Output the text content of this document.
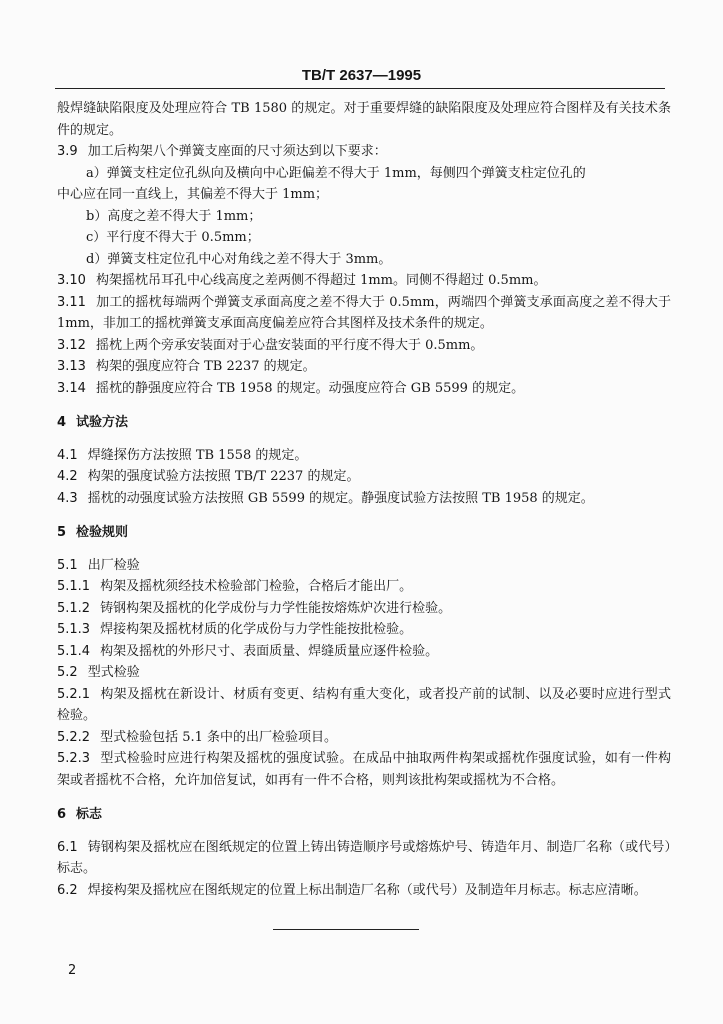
TB/T 2637—1995

般焊缝缺陷限度及处理应符合 TB 1580 的规定。对于重要焊缝的缺陷限度及处理应符合图样及有关技术条件的规定。

3.9 加工后构架八个弹簧支座面的尺寸须达到以下要求：

a）弹簧支柱定位孔纵向及横向中心距偏差不得大于 1mm，每侧四个弹簧支柱定位孔的

中心应在同一直线上，其偏差不得大于 1mm；

b）高度之差不得大于 1mm；

c）平行度不得大于 0.5mm；

d）弹簧支柱定位孔中心对角线之差不得大于 3mm。

3.10 构架摇枕吊耳孔中心线高度之差两侧不得超过 1mm。同侧不得超过 0.5mm。

3.11 加工的摇枕每端两个弹簧支承面高度之差不得大于 0.5mm，两端四个弹簧支承面高度之差不得大于 1mm，非加工的摇枕弹簧支承面高度偏差应符合其图样及技术条件的规定。

3.12 摇枕上两个旁承安装面对于心盘安装面的平行度不得大于 0.5mm。

3.13 构架的强度应符合 TB 2237 的规定。

3.14 摇枕的静强度应符合 TB 1958 的规定。动强度应符合 GB 5599 的规定。

4 试验方法

4.1 焊缝探伤方法按照 TB 1558 的规定。

4.2 构架的强度试验方法按照 TB/T 2237 的规定。

4.3 摇枕的动强度试验方法按照 GB 5599 的规定。静强度试验方法按照 TB 1958 的规定。

5 检验规则

5.1 出厂检验

5.1.1 构架及摇枕须经技术检验部门检验，合格后才能出厂。

5.1.2 铸钢构架及摇枕的化学成份与力学性能按熔炼炉次进行检验。

5.1.3 焊接构架及摇枕材质的化学成份与力学性能按批检验。

5.1.4 构架及摇枕的外形尺寸、表面质量、焊缝质量应逐件检验。

5.2 型式检验

5.2.1 构架及摇枕在新设计、材质有变更、结构有重大变化，或者投产前的试制、以及必要时应进行型式检验。

5.2.2 型式检验包括 5.1 条中的出厂检验项目。

5.2.3 型式检验时应进行构架及摇枕的强度试验。在成品中抽取两件构架或摇枕作强度试验，如有一件构架或者摇枕不合格，允许加倍复试，如再有一件不合格，则判该批构架或摇枕为不合格。

6 标志

6.1 铸钢构架及摇枕应在图纸规定的位置上铸出铸造顺序号或熔炼炉号、铸造年月、制造厂名称（或代号）标志。

6.2 焊接构架及摇枕应在图纸规定的位置上标出制造厂名称（或代号）及制造年月标志。标志应清晰。

2
